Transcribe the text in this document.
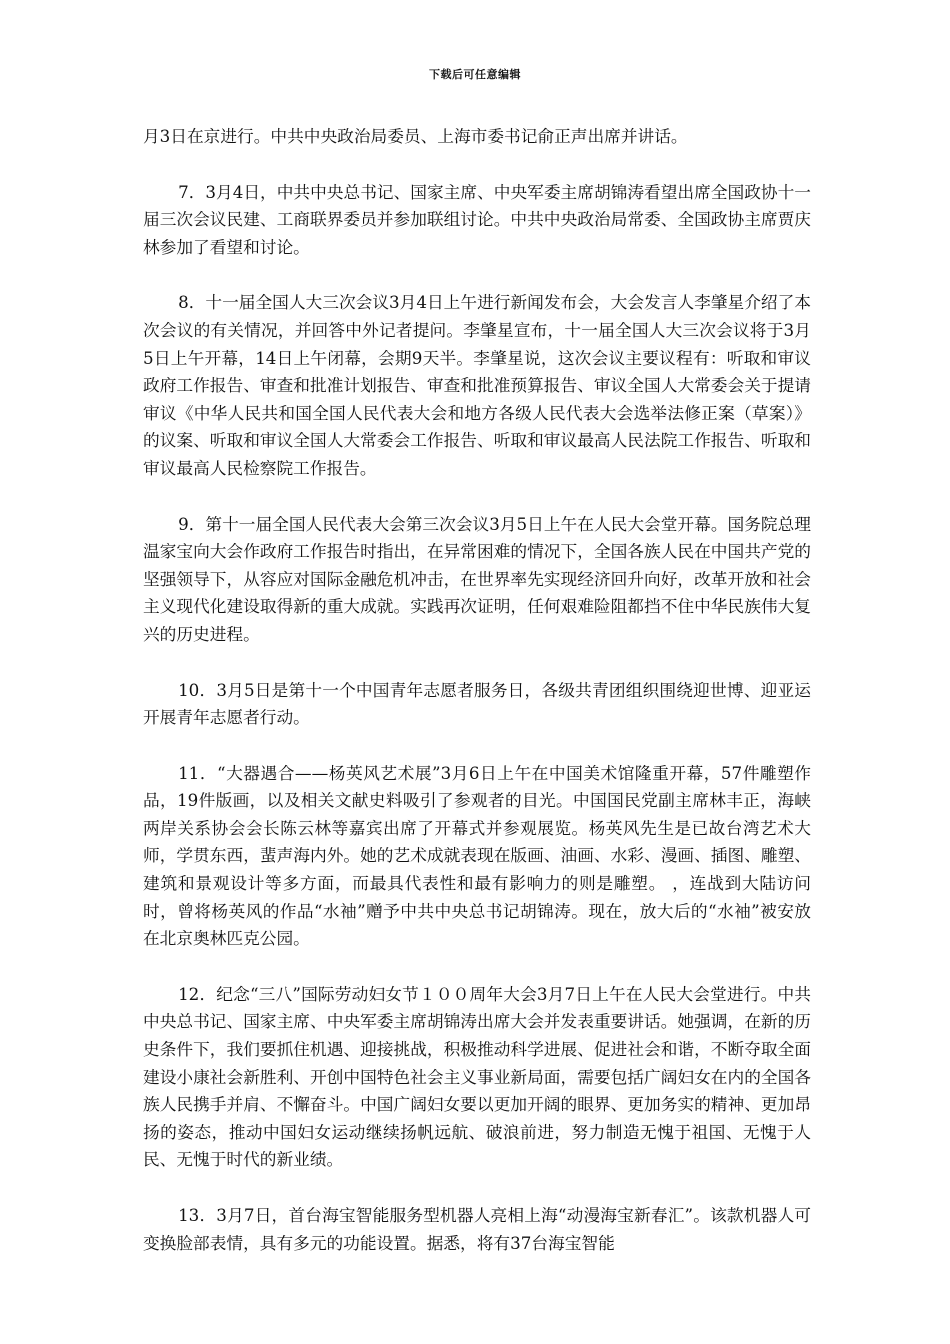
下载后可任意编辑

月3日在京进行。中共中央政治局委员、上海市委书记俞正声出席并讲话。

7．3月4日，中共中央总书记、国家主席、中央军委主席胡锦涛看望出席全国政协十一届三次会议民建、工商联界委员并参加联组讨论。中共中央政治局常委、全国政协主席贾庆林参加了看望和讨论。

8．十一届全国人大三次会议3月4日上午进行新闻发布会，大会发言人李肇星介绍了本次会议的有关情况，并回答中外记者提问。李肇星宣布，十一届全国人大三次会议将于3月5日上午开幕，14日上午闭幕，会期9天半。李肇星说，这次会议主要议程有：听取和审议政府工作报告、审查和批准计划报告、审查和批准预算报告、审议全国人大常委会关于提请审议《中华人民共和国全国人民代表大会和地方各级人民代表大会选举法修正案（草案）》的议案、听取和审议全国人大常委会工作报告、听取和审议最高人民法院工作报告、听取和审议最高人民检察院工作报告。

9．第十一届全国人民代表大会第三次会议3月5日上午在人民大会堂开幕。国务院总理温家宝向大会作政府工作报告时指出，在异常困难的情况下，全国各族人民在中国共产党的坚强领导下，从容应对国际金融危机冲击，在世界率先实现经济回升向好，改革开放和社会主义现代化建设取得新的重大成就。实践再次证明，任何艰难险阻都挡不住中华民族伟大复兴的历史进程。

10．3月5日是第十一个中国青年志愿者服务日，各级共青团组织围绕迎世博、迎亚运开展青年志愿者行动。

11．“大器遇合——杨英风艺术展”3月6日上午在中国美术馆隆重开幕，57件雕塑作品，19件版画，以及相关文献史料吸引了参观者的目光。中国国民党副主席林丰正，海峡两岸关系协会会长陈云林等嘉宾出席了开幕式并参观展览。杨英风先生是已故台湾艺术大师，学贯东西，蜚声海内外。她的艺术成就表现在版画、油画、水彩、漫画、插图、雕塑、建筑和景观设计等多方面，而最具代表性和最有影响力的则是雕塑。 ，连战到大陆访问时，曾将杨英风的作品“水袖”赠予中共中央总书记胡锦涛。现在，放大后的“水袖”被安放在北京奥林匹克公园。

12．纪念“三八”国际劳动妇女节１００周年大会3月7日上午在人民大会堂进行。中共中央总书记、国家主席、中央军委主席胡锦涛出席大会并发表重要讲话。她强调，在新的历史条件下，我们要抓住机遇、迎接挑战，积极推动科学进展、促进社会和谐，不断夺取全面建设小康社会新胜利、开创中国特色社会主义事业新局面，需要包括广阔妇女在内的全国各族人民携手并肩、不懈奋斗。中国广阔妇女要以更加开阔的眼界、更加务实的精神、更加昂扬的姿态，推动中国妇女运动继续扬帆远航、破浪前进，努力制造无愧于祖国、无愧于人民、无愧于时代的新业绩。

13．3月7日，首台海宝智能服务型机器人亮相上海“动漫海宝新春汇”。该款机器人可变换脸部表情，具有多元的功能设置。据悉，将有37台海宝智能
